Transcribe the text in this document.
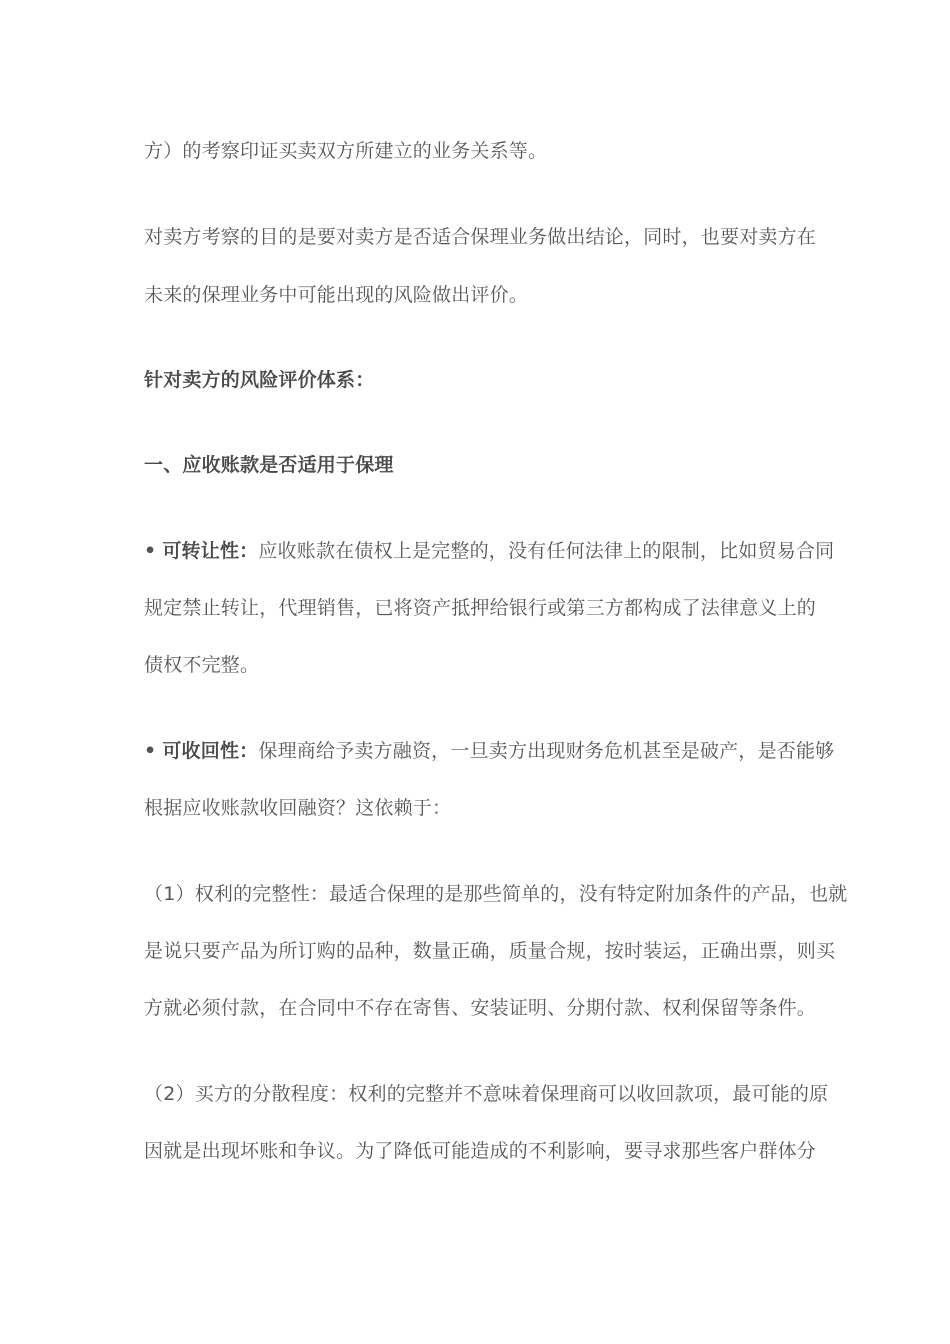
方）的考察印证买卖双方所建立的业务关系等。
对卖方考察的目的是要对卖方是否适合保理业务做出结论，同时，也要对卖方在
未来的保理业务中可能出现的风险做出评价。
针对卖方的风险评价体系：
一、应收账款是否适用于保理
• 可转让性：应收账款在债权上是完整的，没有任何法律上的限制，比如贸易合同
规定禁止转让，代理销售，已将资产抵押给银行或第三方都构成了法律意义上的
债权不完整。
• 可收回性：保理商给予卖方融资，一旦卖方出现财务危机甚至是破产，是否能够
根据应收账款收回融资？这依赖于：
（1）权利的完整性：最适合保理的是那些简单的，没有特定附加条件的产品，也就
是说只要产品为所订购的品种，数量正确，质量合规，按时装运，正确出票，则买
方就必须付款，在合同中不存在寄售、安装证明、分期付款、权利保留等条件。
（2）买方的分散程度：权利的完整并不意味着保理商可以收回款项，最可能的原
因就是出现坏账和争议。为了降低可能造成的不利影响，要寻求那些客户群体分
